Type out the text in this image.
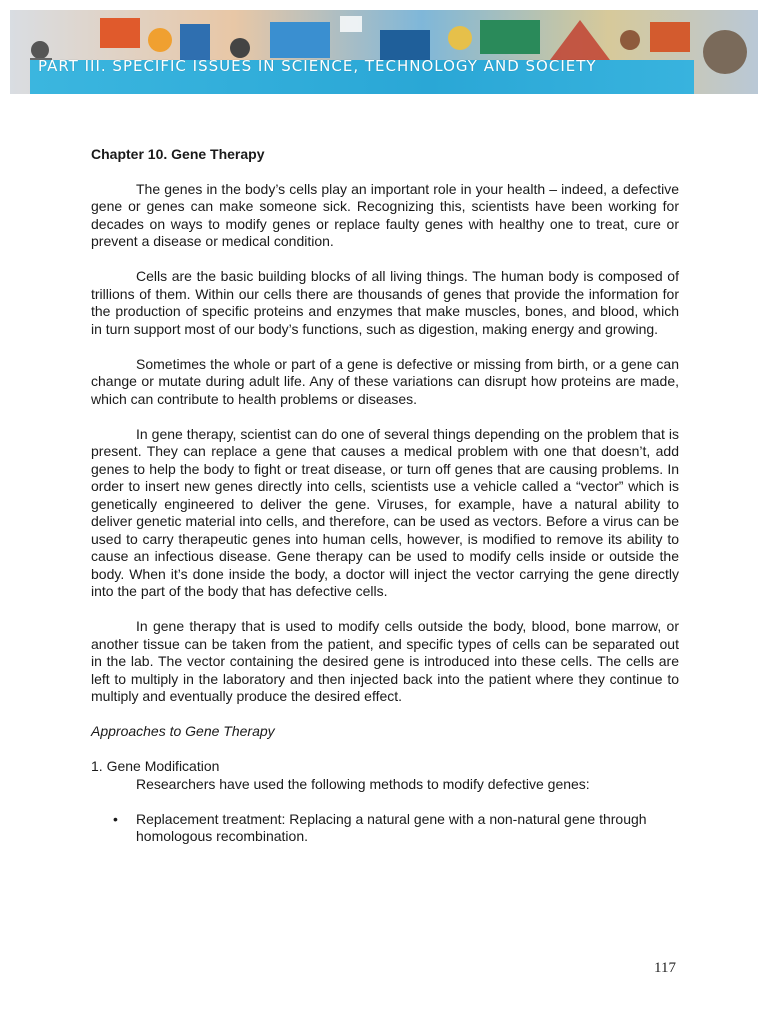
PART III. SPECIFIC ISSUES IN SCIENCE, TECHNOLOGY AND SOCIETY

Chapter 10. Gene Therapy

The genes in the body’s cells play an important role in your health – indeed, a defective gene or genes can make someone sick. Recognizing this, scientists have been working for decades on ways to modify genes or replace faulty genes with healthy one to treat, cure or prevent a disease or medical condition.

Cells are the basic building blocks of all living things. The human body is composed of trillions of them. Within our cells there are thousands of genes that provide the information for the production of specific proteins and enzymes that make muscles, bones, and blood, which in turn support most of our body’s functions, such as digestion, making energy and growing.

Sometimes the whole or part of a gene is defective or missing from birth, or a gene can change or mutate during adult life. Any of these variations can disrupt how proteins are made, which can contribute to health problems or diseases.

In gene therapy, scientist can do one of several things depending on the problem that is present. They can replace a gene that causes a medical problem with one that doesn’t, add genes to help the body to fight or treat disease, or turn off genes that are causing problems. In order to insert new genes directly into cells, scientists use a vehicle called a “vector” which is genetically engineered to deliver the gene. Viruses, for example, have a natural ability to deliver genetic material into cells, and therefore, can be used as vectors. Before a virus can be used to carry therapeutic genes into human cells, however, is modified to remove its ability to cause an infectious disease. Gene therapy can be used to modify cells inside or outside the body. When it’s done inside the body, a doctor will inject the vector carrying the gene directly into the part of the body that has defective cells.

In gene therapy that is used to modify cells outside the body, blood, bone marrow, or another tissue can be taken from the patient, and specific types of cells can be separated out in the lab. The vector containing the desired gene is introduced into these cells. The cells are left to multiply in the laboratory and then injected back into the patient where they continue to multiply and eventually produce the desired effect.

Approaches to Gene Therapy

1. Gene Modification

Researchers have used the following methods to modify defective genes:

• Replacement treatment: Replacing a natural gene with a non-natural gene through homologous recombination.
117
